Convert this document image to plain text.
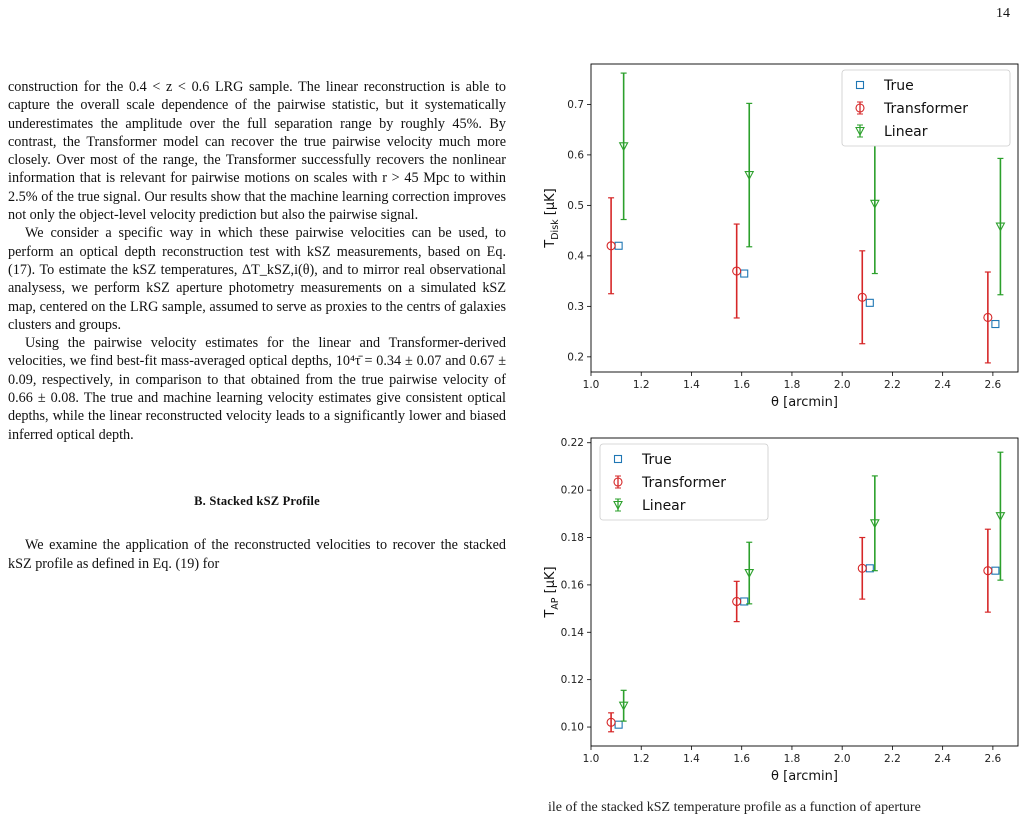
14

construction for the 0.4 < z < 0.6 LRG sample. The linear reconstruction is able to capture the overall scale dependence of the pairwise statistic, but it systematically underestimates the amplitude over the full separation range by roughly 45%. By contrast, the Transformer model can recover the true pairwise velocity much more closely. Over most of the range, the Transformer successfully recovers the nonlinear information that is relevant for pairwise motions on scales with r > 45 Mpc to within 2.5% of the true signal. Our results show that the machine learning correction improves not only the object-level velocity prediction but also the pairwise signal.

We consider a specific way in which these pairwise velocities can be used, to perform an optical depth reconstruction test with kSZ measurements, based on Eq. (17). To estimate the kSZ temperatures, ΔT_kSZ,i(θ), and to mirror real observational analysess, we perform kSZ aperture photometry measurements on a simulated kSZ map, centered on the LRG sample, assumed to serve as proxies to the centrs of galaxies clusters and groups.

Using the pairwise velocity estimates for the linear and Transformer-derived velocities, we find best-fit mass-averaged optical depths, 10⁴τ̄ = 0.34 ± 0.07 and 0.67 ± 0.09, respectively, in comparison to that obtained from the true pairwise velocity of 0.66 ± 0.08. The true and machine learning velocity estimates give consistent optical depths, while the linear reconstructed velocity leads to a significantly lower and biased inferred optical depth.

B. Stacked kSZ Profile

We examine the application of the reconstructed velocities to recover the stacked kSZ profile as defined in Eq. (19) for

1.0	1.2	1.4	1.6	1.8	2.0	2.2	2.4	2.6
0.2
0.3
0.4
0.5
0.6
0.7
θ [arcmin]
$T_{Disk}$ [μK]
True
Transformer
Linear
1.0	1.2	1.4	1.6	1.8	2.0	2.2	2.4	2.6
0.10
0.12
0.14
0.16
0.18
0.20
0.22
θ [arcmin]
$T_{AP}$ [μK]
True
Transformer
Linear
ile of the stacked kSZ temperature profile as a function of aperture
